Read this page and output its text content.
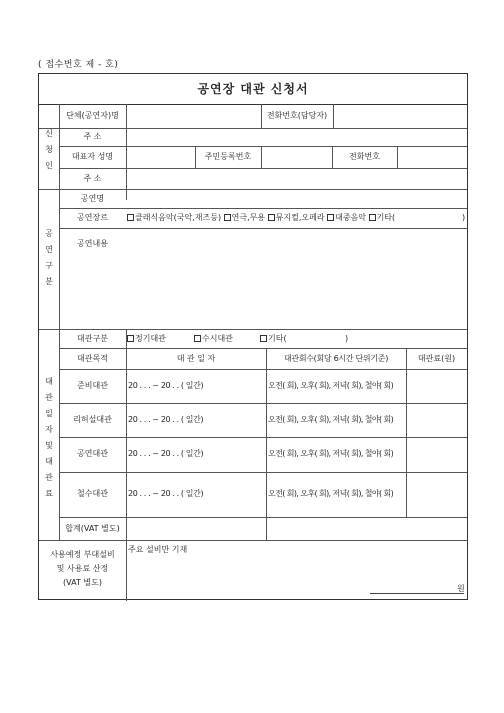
( 접수번호 제 - 호)
공연장 대관 신청서
신
청
인
단체(공연자)명	전화번호(담당자)
주 소
대표자 성명	주민등록번호	전화번호
주 소
공
연
구
분
공연명
공연장르	클래식음악(국악,재즈등) 연극,무용 뮤지컬,오페라 대중음악 기타(	)
공연내용
대
관
일
자
및
대
관
료
대관구분	정기대관	수시대관	기타(	)
대관목적	대 관 일 자	대관회수(회당 6시간 단위기준)	대관료(원)
준비대관	20 . . . ~ 20 . . ( 일간)	오전( 회), 오후( 회), 저녁( 회), 철야( 회)
리허설대관	20 . . . ~ 20 . . ( 일간)	오전( 회), 오후( 회), 저녁( 회), 철야( 회)
공연대관	20 . . . ~ 20 . . ( 일간)	오전( 회), 오후( 회), 저녁( 회), 철야( 회)
철수대관	20 . . . ~ 20 . . ( 일간)	오전( 회), 오후( 회), 저녁( 회), 철야( 회)
합계(VAT 별도)
사용예정 부대설비
및 사용료 산정
(VAT 별도)
주요 설비만 기재
원
